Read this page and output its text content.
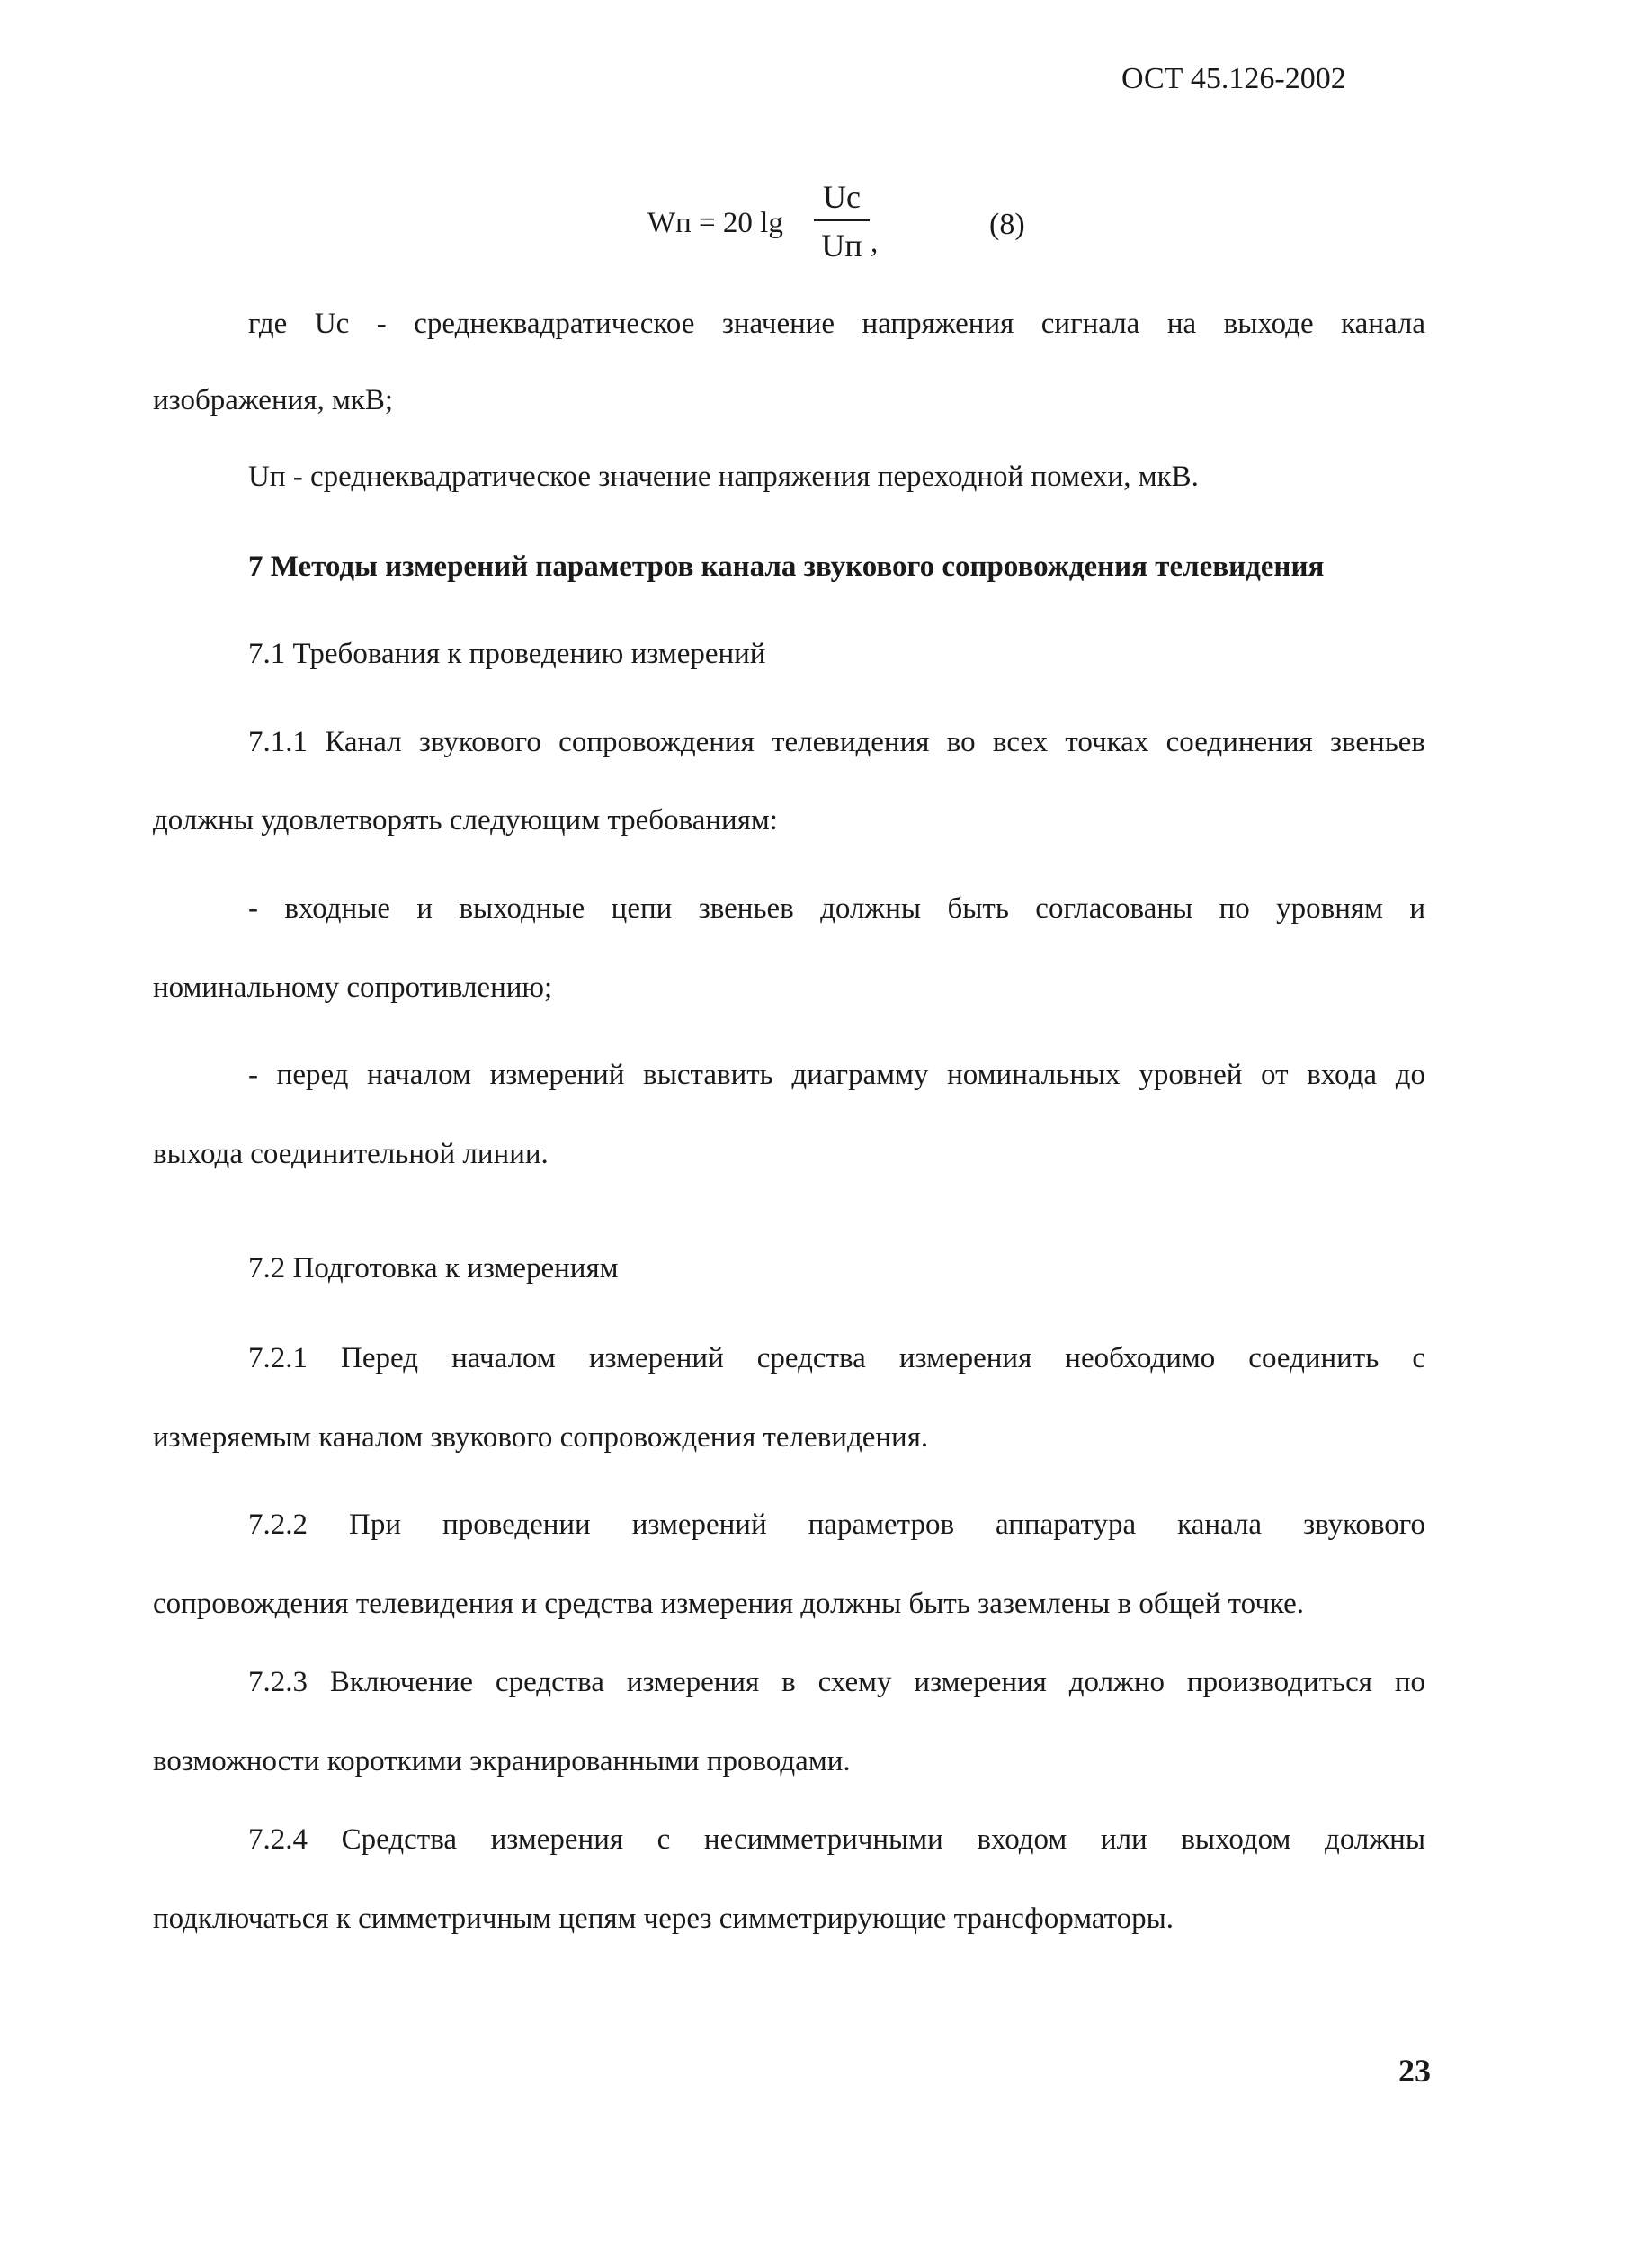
ОСТ 45.126-2002
Wп = 20 lg
Uc
Uп ,
(8)
где Uc - среднеквадратическое значение напряжения сигнала на выходе канала
изображения, мкВ;
Uп - среднеквадратическое значение напряжения переходной помехи, мкВ.
7 Методы измерений параметров канала звукового сопровождения телевидения
7.1 Требования к проведению измерений
7.1.1 Канал звукового сопровождения телевидения во всех точках соединения звеньев
должны удовлетворять следующим требованиям:
- входные и выходные цепи звеньев должны быть согласованы по уровням и
номинальному сопротивлению;
- перед началом измерений выставить диаграмму номинальных уровней от входа до
выхода соединительной линии.
7.2 Подготовка к измерениям
7.2.1 Перед началом измерений средства измерения необходимо соединить с
измеряемым каналом звукового сопровождения телевидения.
7.2.2 При проведении измерений параметров аппаратура канала звукового
сопровождения телевидения и средства измерения должны быть заземлены в общей точке.
7.2.3 Включение средства измерения в схему измерения должно производиться по
возможности короткими экранированными проводами.
7.2.4 Средства измерения с несимметричными входом или выходом должны
подключаться к симметричным цепям через симметрирующие трансформаторы.
23
